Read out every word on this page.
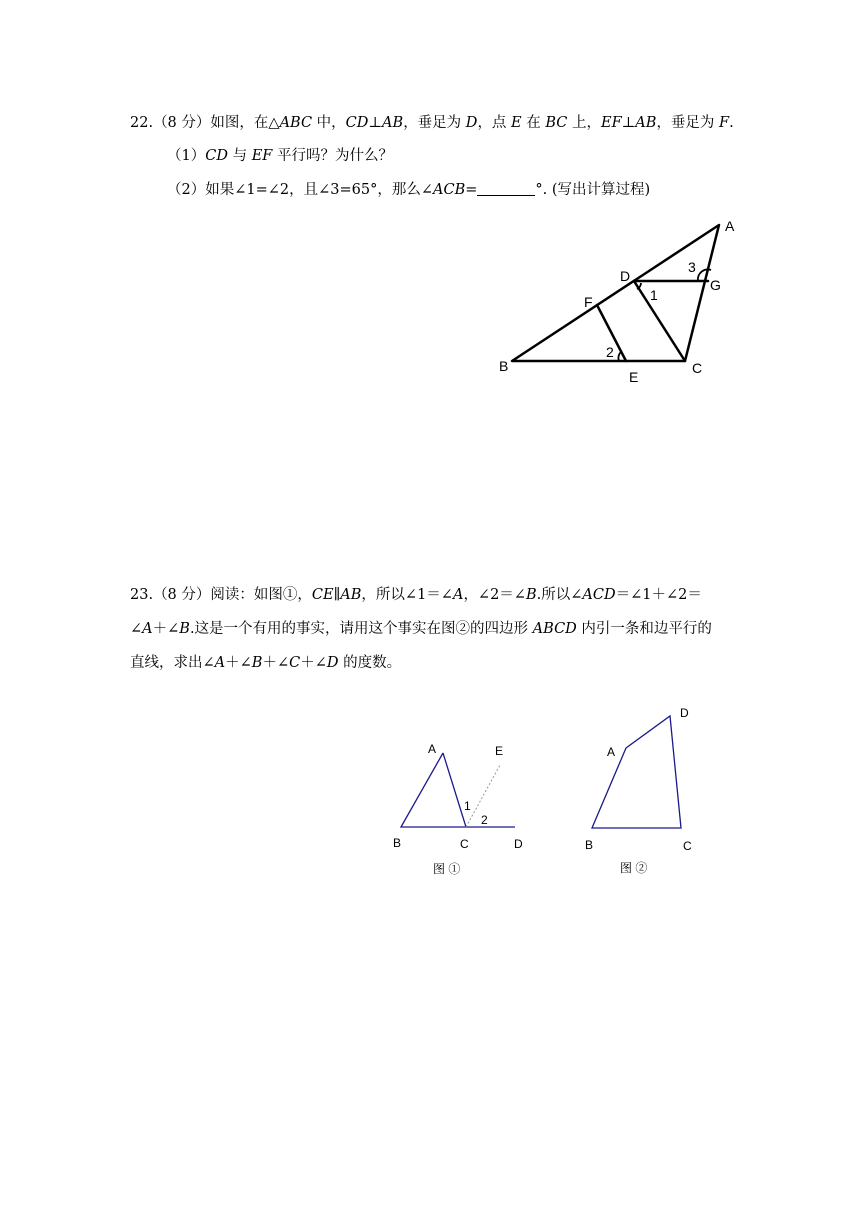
22.（8 分）如图，在△ABC 中，CD⊥AB，垂足为 D，点 E 在 BC 上，EF⊥AB，垂足为 F.
（1）CD 与 EF 平行吗？为什么？
（2）如果∠1=∠2，且∠3=65°，那么∠ACB=	°. (写出计算过程)
A
B	C
D
E
F
G
1
2
3
23.（8 分）阅读：如图①，CE∥AB，所以∠1＝∠A，∠2＝∠B.所以∠ACD＝∠1＋∠2＝
∠A＋∠B.这是一个有用的事实，请用这个事实在图②的四边形 ABCD 内引一条和边平行的
直线，求出∠A＋∠B＋∠C＋∠D 的度数。
A
B	C	D
E
1
2
图 ①
A
B	C
D
图 ②
